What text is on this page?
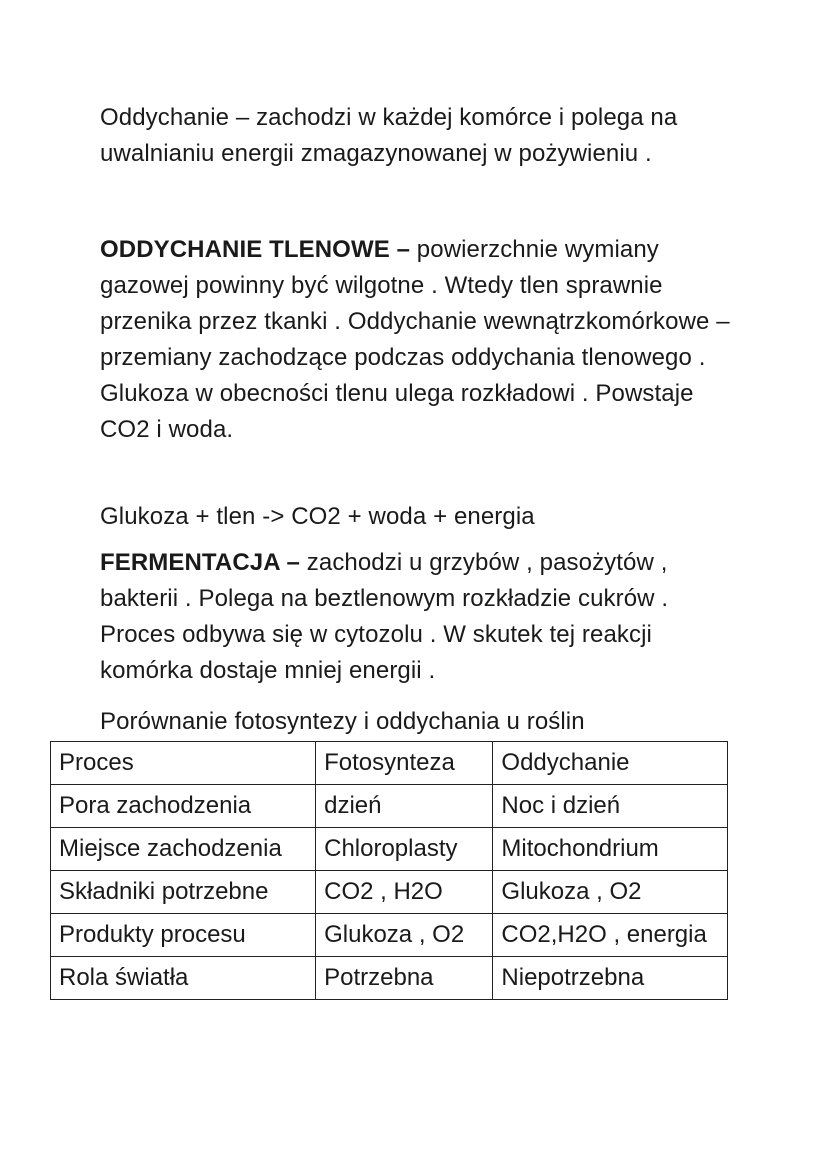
Oddychanie – zachodzi w każdej komórce i polega na uwalnianiu energii zmagazynowanej w pożywieniu .

ODDYCHANIE TLENOWE – powierzchnie wymiany gazowej powinny być wilgotne . Wtedy tlen sprawnie przenika przez tkanki . Oddychanie wewnątrzkomórkowe – przemiany zachodzące podczas oddychania tlenowego . Glukoza w obecności tlenu ulega rozkładowi . Powstaje CO2 i woda.

Glukoza + tlen -> CO2 + woda + energia

FERMENTACJA – zachodzi u grzybów , pasożytów , bakterii . Polega na beztlenowym rozkładzie cukrów . Proces odbywa się w cytozolu . W skutek tej reakcji komórka dostaje mniej energii .

Porównanie fotosyntezy i oddychania u roślin

Proces	Fotosynteza	Oddychanie
Pora zachodzenia	dzień	Noc i dzień
Miejsce zachodzenia	Chloroplasty	Mitochondrium
Składniki potrzebne	CO2 , H2O	Glukoza , O2
Produkty procesu	Glukoza , O2	CO2,H2O , energia
Rola światła	Potrzebna	Niepotrzebna
